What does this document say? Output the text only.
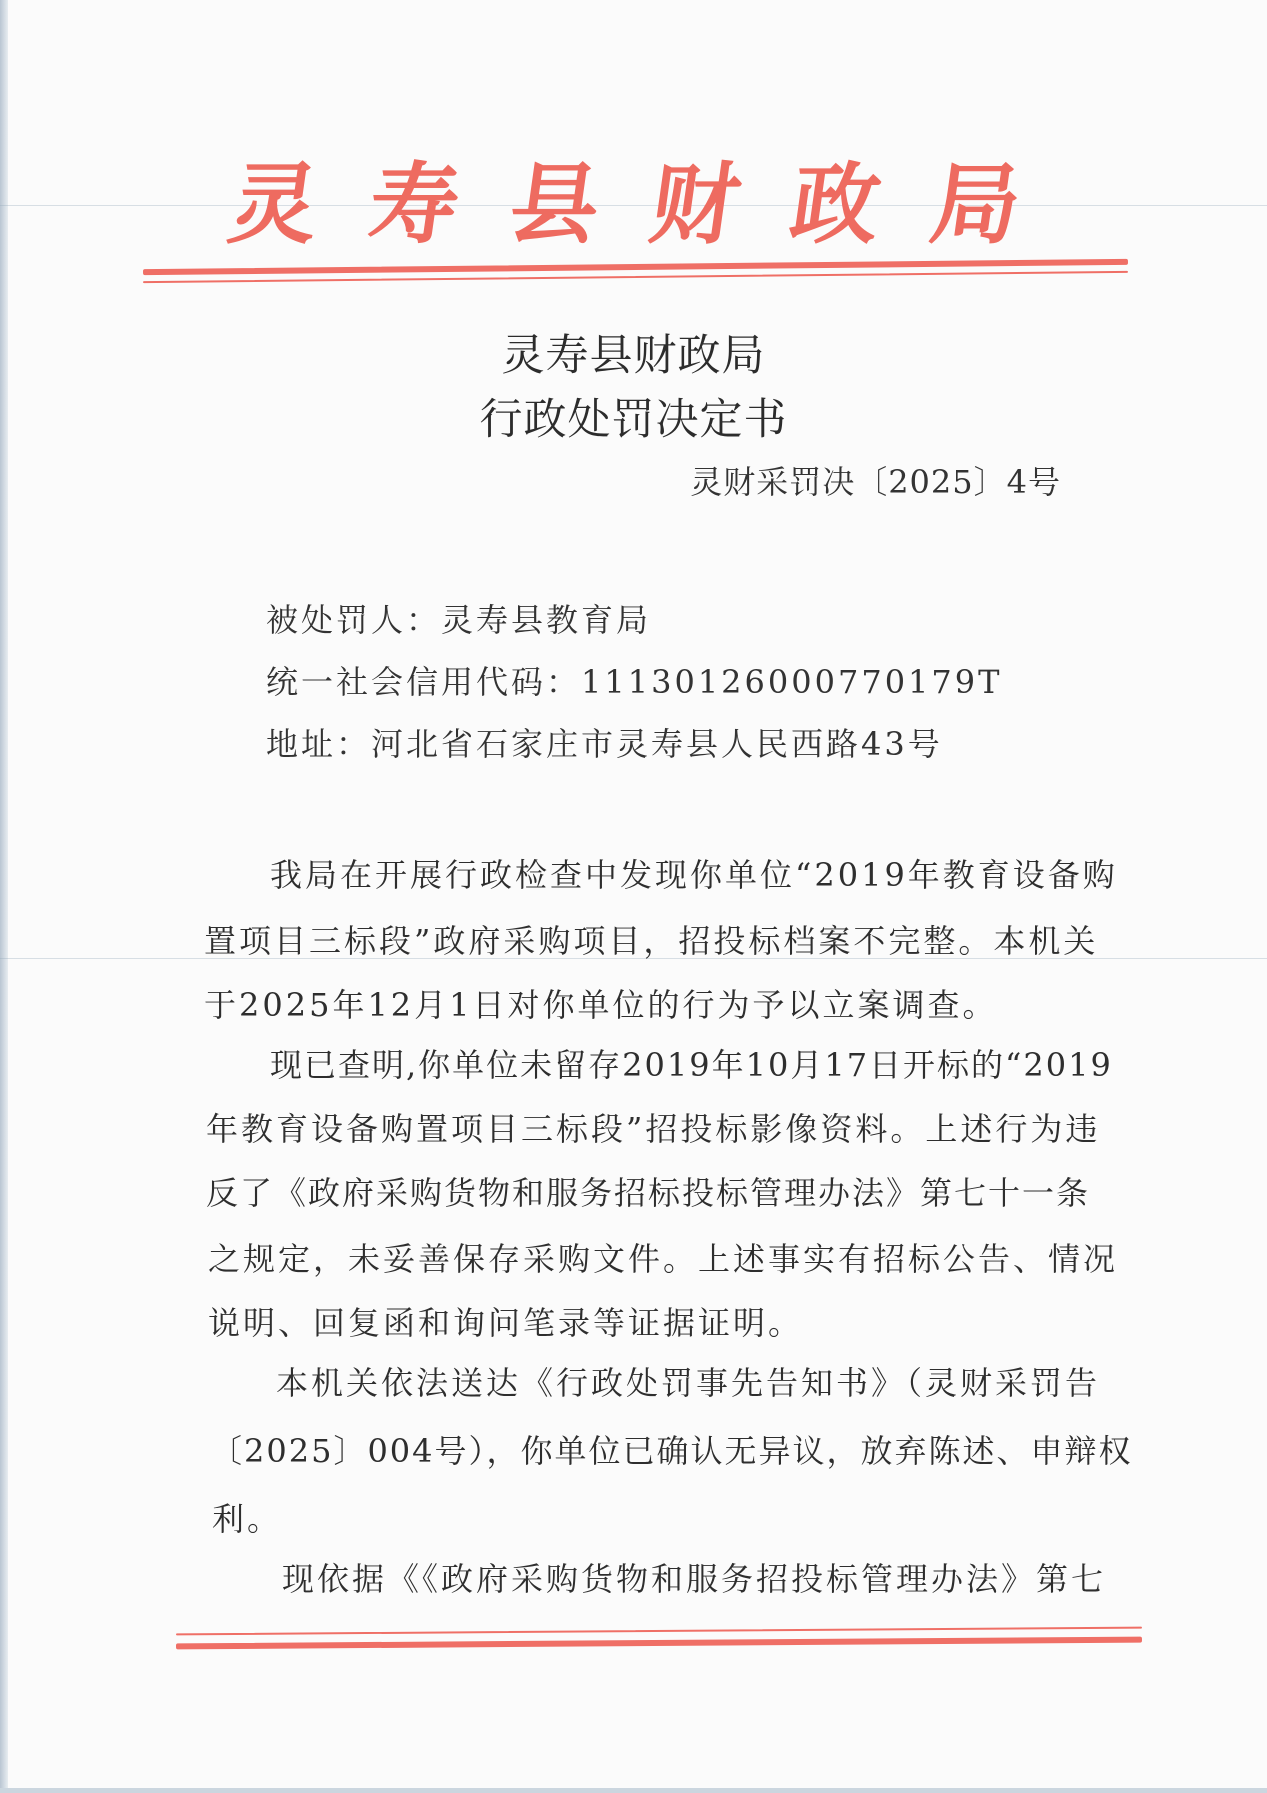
灵 寿 县 财 政 局
灵寿县财政局
行政处罚决定书
灵财采罚决〔2025〕4号
被处罚人：灵寿县教育局
统一社会信用代码：11130126000770179T
地址：河北省石家庄市灵寿县人民西路43号
我局在开展行政检查中发现你单位“2019年教育设备购
置项目三标段”政府采购项目，招投标档案不完整。本机关
于2025年12月1日对你单位的行为予以立案调查。
现已查明,你单位未留存2019年10月17日开标的“2019
年教育设备购置项目三标段”招投标影像资料。上述行为违
反了《政府采购货物和服务招标投标管理办法》第七十一条
之规定，未妥善保存采购文件。上述事实有招标公告、情况
说明、回复函和询问笔录等证据证明。
本机关依法送达《行政处罚事先告知书》（灵财采罚告
〔2025〕004号），你单位已确认无异议，放弃陈述、申辩权
利。
现依据《《政府采购货物和服务招投标管理办法》第七
